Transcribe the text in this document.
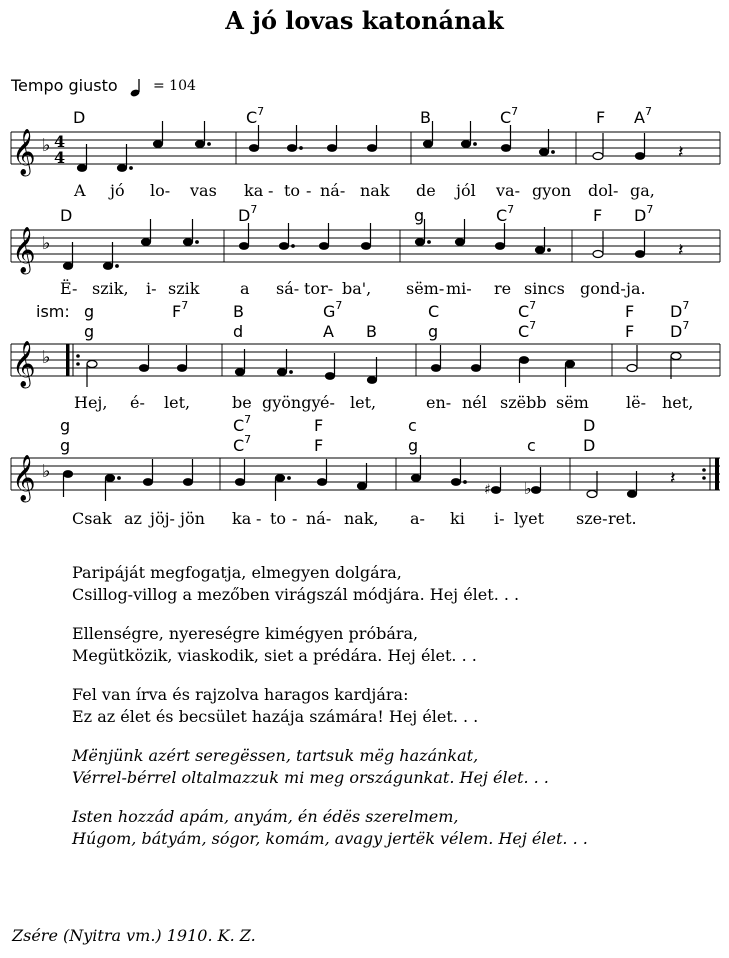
A jó lovas katonának
Tempo giusto	= 104
D	$C^7$	B	$C^7$	F $A^7$
𝄞 ♭ 4
4	𝄽
A jó lo- vas ka - to - ná- nak de jól va- gyon dol- ga,
D	$D^7$	g	$C^7$	F $D^7$
𝄞 ♭	𝄽
Ë- szik, i- szik	a sá- tor- ba', sëm- mi- re sincs gond- ja.
ism: g	$F^7$	B	$G^7$	C	$C^7$	F $D^7$
g	d	A B	g	$C^7$	F $D^7$
𝄞 ♭
Hej, é- let,	be gyöngy é- let,	en- nél szëbb sëm lë- het,
g	$C^7$	F	c	D
g	$C^7$	F	g	c	D
𝄞 ♭
♯ ♭	𝄽
Csak az jöj- jön ka - to - ná- nak, a- ki i- lyet sze- ret.
Paripáját megfogatja, elmegyen dolgára,
Csillog-villog a mezőben virágszál módjára. Hej élet. . .
Ellenségre, nyereségre kimégyen próbára,
Megütközik, viaskodik, siet a prédára. Hej élet. . .
Fel van írva és rajzolva haragos kardjára:
Ez az élet és becsület hazája számára! Hej élet. . .
Mënjünk azért seregëssen, tartsuk mëg hazánkat,
Vérrel-bérrel oltalmazzuk mi meg országunkat. Hej élet. . .
Isten hozzád apám, anyám, én édës szerelmem,
Húgom, bátyám, sógor, komám, avagy jertëk vélem. Hej élet. . .
Zsére (Nyitra vm.) 1910. K. Z.
